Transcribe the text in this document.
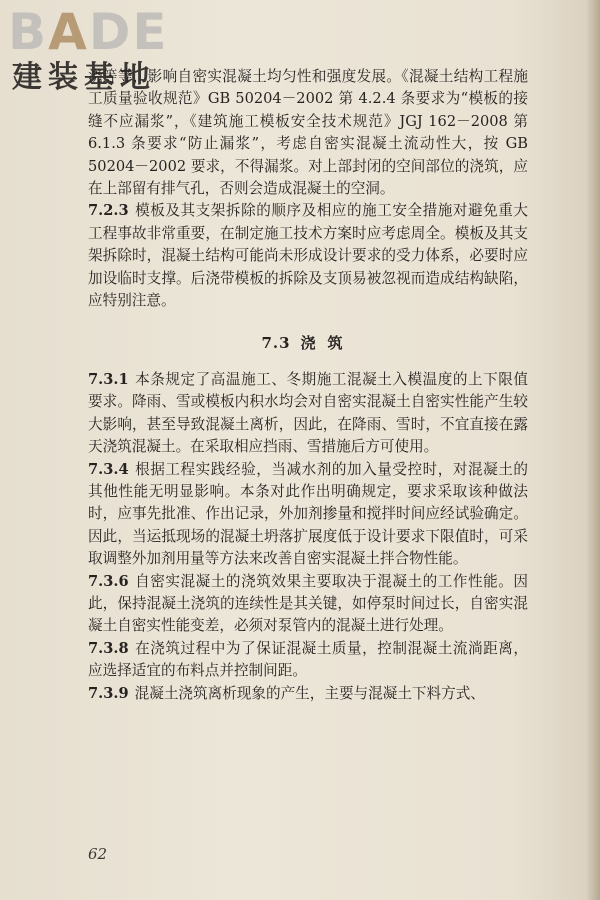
BADE
建装基地

浇等等，影响自密实混凝土均匀性和强度发展。《混凝土结构工程施工质量验收规范》GB 50204－2002 第 4.2.4 条要求为“模板的接缝不应漏浆”，《建筑施工模板安全技术规范》JGJ 162－2008 第 6.1.3 条要求“防止漏浆”，考虑自密实混凝土流动性大，按 GB 50204－2002 要求，不得漏浆。对上部封闭的空间部位的浇筑，应在上部留有排气孔，否则会造成混凝土的空洞。

7.2.3 模板及其支架拆除的顺序及相应的施工安全措施对避免重大工程事故非常重要，在制定施工技术方案时应考虑周全。模板及其支架拆除时，混凝土结构可能尚未形成设计要求的受力体系，必要时应加设临时支撑。后浇带模板的拆除及支顶易被忽视而造成结构缺陷，应特别注意。

7.3 浇筑

7.3.1 本条规定了高温施工、冬期施工混凝土入模温度的上下限值要求。降雨、雪或模板内积水均会对自密实混凝土自密实性能产生较大影响，甚至导致混凝土离析，因此，在降雨、雪时，不宜直接在露天浇筑混凝土。在采取相应挡雨、雪措施后方可使用。

7.3.4 根据工程实践经验，当减水剂的加入量受控时，对混凝土的其他性能无明显影响。本条对此作出明确规定，要求采取该种做法时，应事先批准、作出记录，外加剂掺量和搅拌时间应经试验确定。因此，当运抵现场的混凝土坍落扩展度低于设计要求下限值时，可采取调整外加剂用量等方法来改善自密实混凝土拌合物性能。

7.3.6 自密实混凝土的浇筑效果主要取决于混凝土的工作性能。因此，保持混凝土浇筑的连续性是其关键，如停泵时间过长，自密实混凝土自密实性能变差，必须对泵管内的混凝土进行处理。

7.3.8 在浇筑过程中为了保证混凝土质量，控制混凝土流淌距离，应选择适宜的布料点并控制间距。

7.3.9 混凝土浇筑离析现象的产生，主要与混凝土下料方式、

62
